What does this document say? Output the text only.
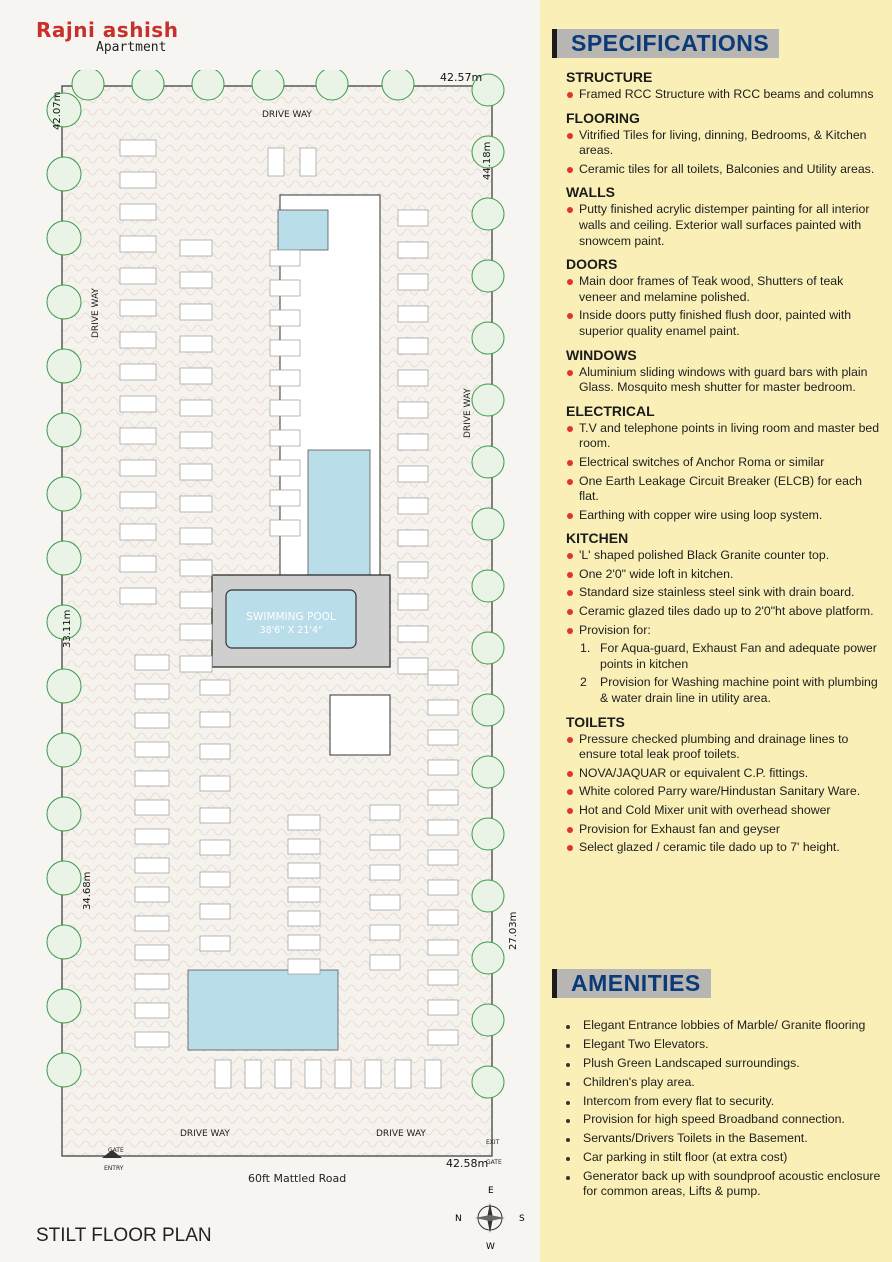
Rajni ashish
Apartment
DRIVE WAY
DRIVE WAY	DRIVE WAY
DRIVE WAY
DRIVE WAY
SWIMMING POOL
38'6" X 21'4"
42.57m
42.58m
42.07m
33.11m
34.68m
44.18m
27.03m
GATE
ENTRY
EXIT
GATE
60ft Mattled Road
STILT FLOOR PLAN
E
W
N	S
SPECIFICATIONS
STRUCTURE
Framed RCC Structure with RCC beams and columns
FLOORING
Vitrified Tiles for living, dinning, Bedrooms, & Kitchen areas.
Ceramic tiles for all toilets, Balconies and Utility areas.
WALLS
Putty finished acrylic distemper painting for all interior walls and ceiling. Exterior wall surfaces painted with snowcem paint.
DOORS
Main door frames of Teak wood, Shutters of teak veneer and melamine polished.
Inside doors putty finished flush door, painted with superior quality enamel paint.
WINDOWS
Aluminium sliding windows with guard bars with plain Glass. Mosquito mesh shutter for master bedroom.
ELECTRICAL
T.V and telephone points in living room and master bed room.
Electrical switches of Anchor Roma or similar
One Earth Leakage Circuit Breaker (ELCB) for each flat.
Earthing with copper wire using loop system.
KITCHEN
'L' shaped polished Black Granite counter top.
One 2'0" wide loft in kitchen.
Standard size stainless steel sink with drain board.
Ceramic glazed tiles dado up to 2'0"ht above platform.
Provision for:
1. For Aqua-guard, Exhaust Fan and adequate power points in kitchen
2 Provision for Washing machine point with plumbing & water drain line in utility area.
TOILETS
Pressure checked plumbing and drainage lines to ensure total leak proof toilets.
NOVA/JAQUAR or equivalent C.P. fittings.
White colored Parry ware/Hindustan Sanitary Ware.
Hot and Cold Mixer unit with overhead shower
Provision for Exhaust fan and geyser
Select glazed / ceramic tile dado up to 7' height.
AMENITIES
Elegant Entrance lobbies of Marble/ Granite flooring
Elegant Two Elevators.
Plush Green Landscaped surroundings.
Children's play area.
Intercom from every flat to security.
Provision for high speed Broadband connection.
Servants/Drivers Toilets in the Basement.
Car parking in stilt floor (at extra cost)
Generator back up with soundproof acoustic enclosure for common areas, Lifts & pump.
